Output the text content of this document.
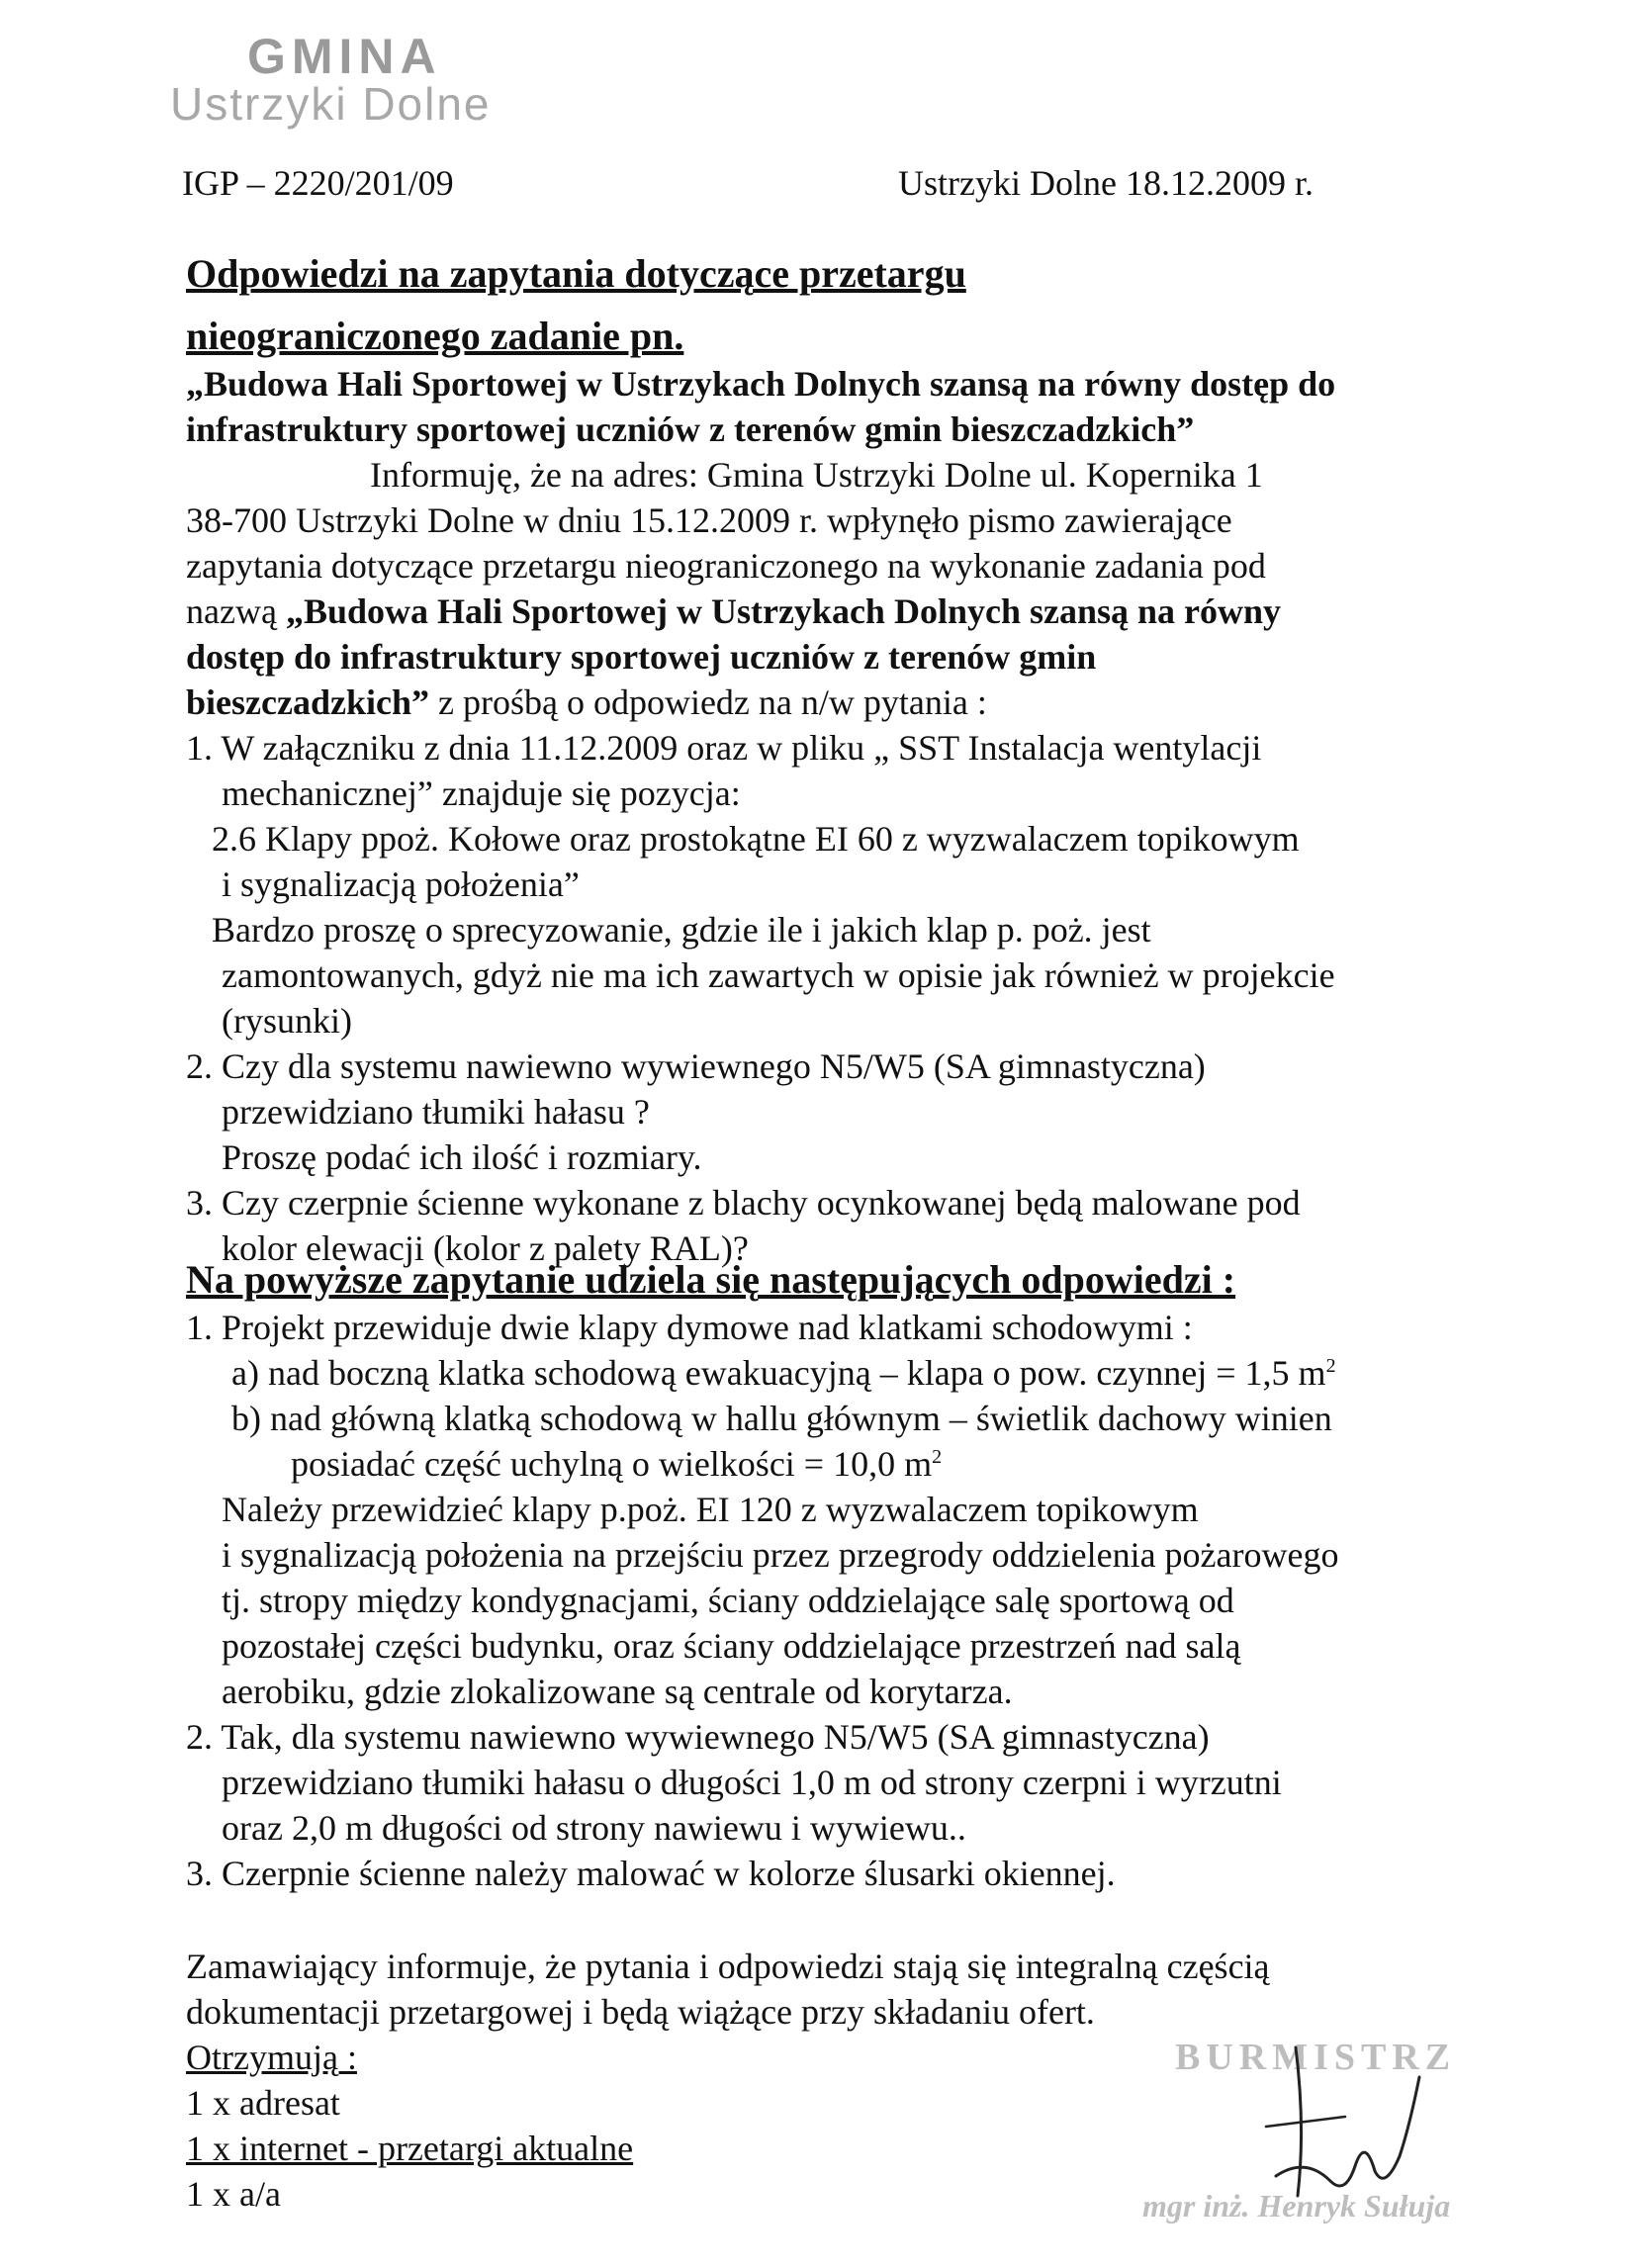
GMINA
Ustrzyki Dolne
IGP – 2220/201/09	Ustrzyki Dolne 18.12.2009 r.
Odpowiedzi na zapytania dotyczące przetargu
nieograniczonego zadanie pn.
„Budowa Hali Sportowej w Ustrzykach Dolnych szansą na równy dostęp do
infrastruktury sportowej uczniów z terenów gmin bieszczadzkich”
Informuję, że na adres: Gmina Ustrzyki Dolne ul. Kopernika 1
38-700 Ustrzyki Dolne w dniu 15.12.2009 r. wpłynęło pismo zawierające
zapytania dotyczące przetargu nieograniczonego na wykonanie zadania pod
nazwą „Budowa Hali Sportowej w Ustrzykach Dolnych szansą na równy
dostęp do infrastruktury sportowej uczniów z terenów gmin
bieszczadzkich” z prośbą o odpowiedz na n/w pytania :
1. W załączniku z dnia 11.12.2009 oraz w pliku „ SST Instalacja wentylacji
mechanicznej” znajduje się pozycja:
2.6 Klapy ppoż. Kołowe oraz prostokątne EI 60 z wyzwalaczem topikowym
i sygnalizacją położenia”
Bardzo proszę o sprecyzowanie, gdzie ile i jakich klap p. poż. jest
zamontowanych, gdyż nie ma ich zawartych w opisie jak również w projekcie
(rysunki)
2. Czy dla systemu nawiewno wywiewnego N5/W5 (SA gimnastyczna)
przewidziano tłumiki hałasu ?
Proszę podać ich ilość i rozmiary.
3. Czy czerpnie ścienne wykonane z blachy ocynkowanej będą malowane pod
kolor elewacji (kolor z palety RAL)?
Na powyższe zapytanie udziela się następujących odpowiedzi :
1. Projekt przewiduje dwie klapy dymowe nad klatkami schodowymi :
a) nad boczną klatka schodową ewakuacyjną – klapa o pow. czynnej = 1,5 $m^2$
b) nad główną klatką schodową w hallu głównym – świetlik dachowy winien
posiadać część uchylną o wielkości = 10,0 $m^2$
Należy przewidzieć klapy p.poż. EI 120 z wyzwalaczem topikowym
i sygnalizacją położenia na przejściu przez przegrody oddzielenia pożarowego
tj. stropy między kondygnacjami, ściany oddzielające salę sportową od
pozostałej części budynku, oraz ściany oddzielające przestrzeń nad salą
aerobiku, gdzie zlokalizowane są centrale od korytarza.
2. Tak, dla systemu nawiewno wywiewnego N5/W5 (SA gimnastyczna)
przewidziano tłumiki hałasu o długości 1,0 m od strony czerpni i wyrzutni
oraz 2,0 m długości od strony nawiewu i wywiewu..
3. Czerpnie ścienne należy malować w kolorze ślusarki okiennej.
Zamawiający informuje, że pytania i odpowiedzi stają się integralną częścią
dokumentacji przetargowej i będą wiążące przy składaniu ofert.
Otrzymują :
1 x adresat
1 x internet - przetargi aktualne
1 x a/a
BURMISTRZ
mgr inż. Henryk Sułuja
